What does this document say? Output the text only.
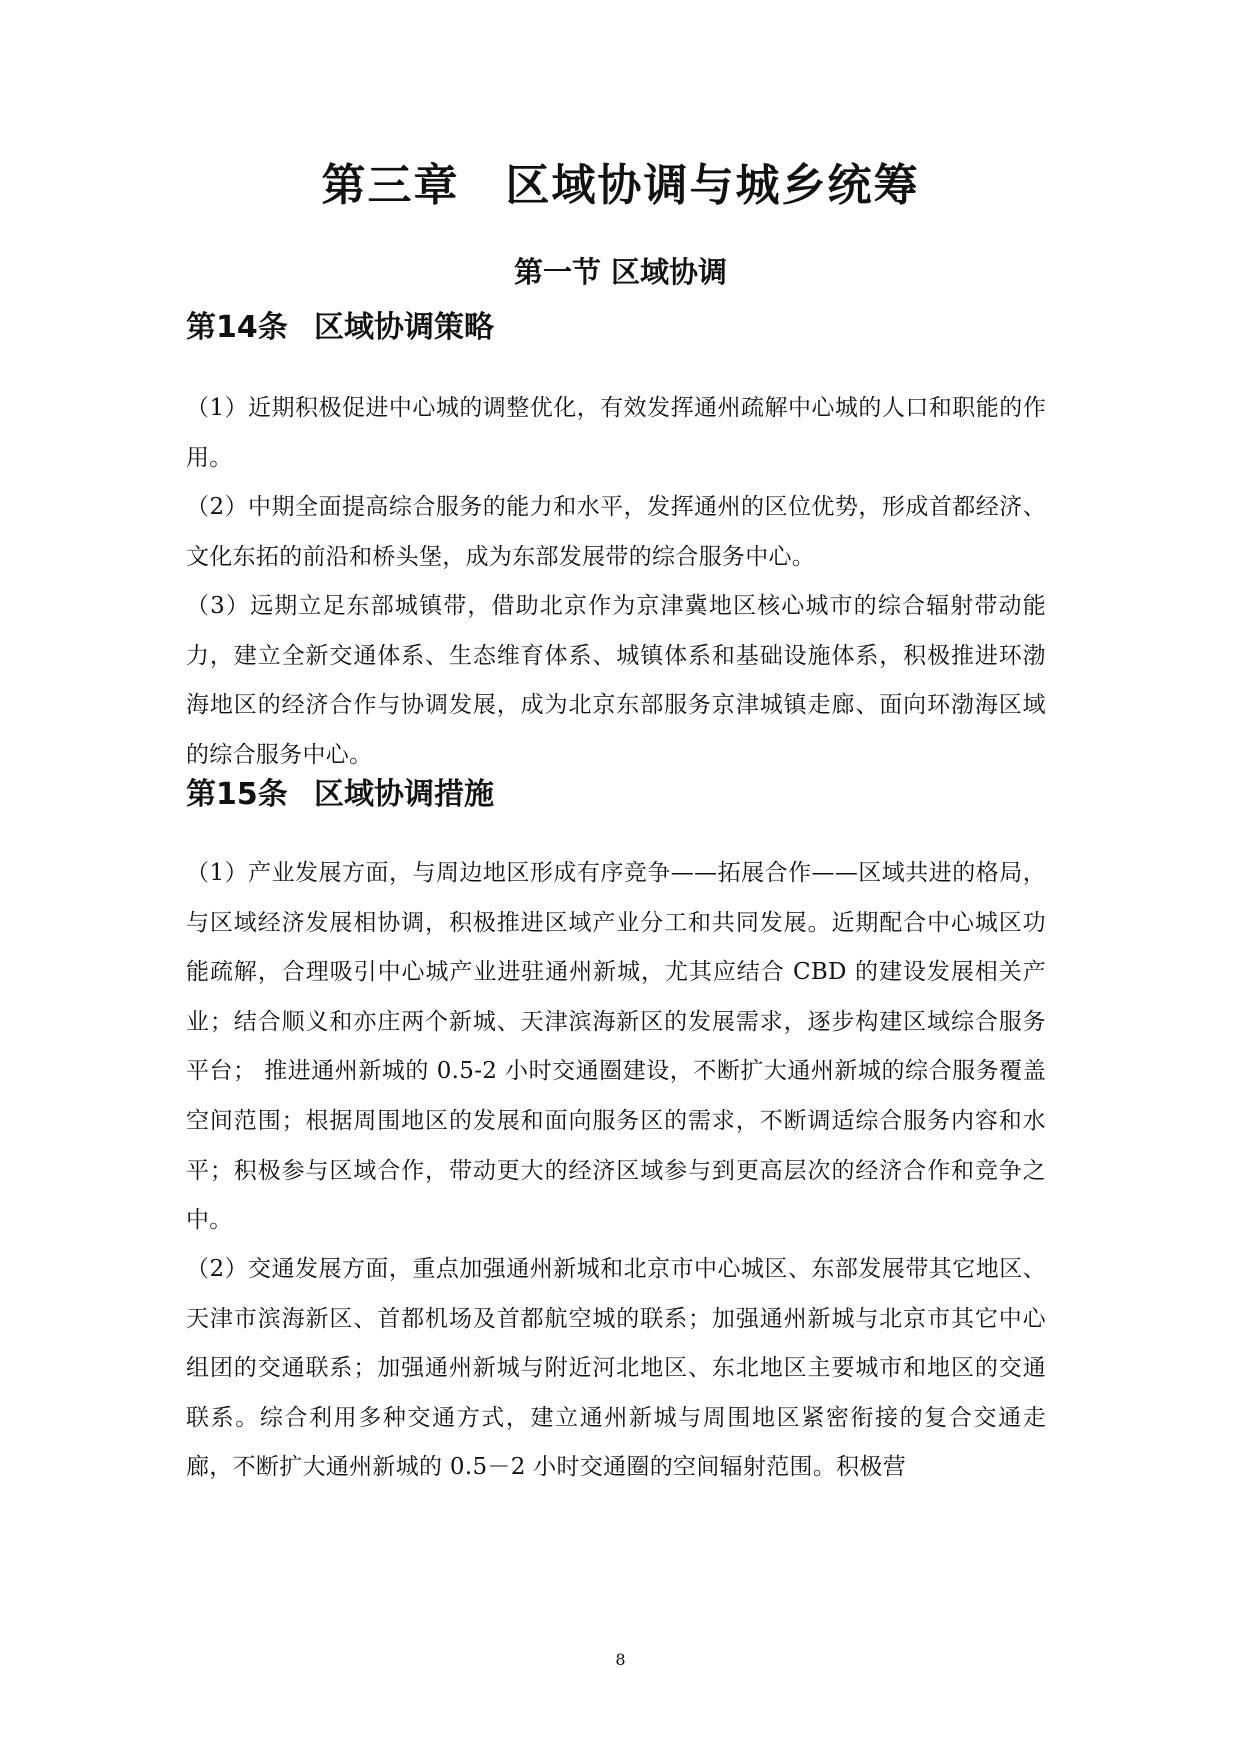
第三章　区域协调与城乡统筹
第一节 区域协调
第14条 区域协调策略

（1）近期积极促进中心城的调整优化，有效发挥通州疏解中心城的人口和职能的作用。

（2）中期全面提高综合服务的能力和水平，发挥通州的区位优势，形成首都经济、文化东拓的前沿和桥头堡，成为东部发展带的综合服务中心。

（3）远期立足东部城镇带，借助北京作为京津冀地区核心城市的综合辐射带动能力，建立全新交通体系、生态维育体系、城镇体系和基础设施体系，积极推进环渤海地区的经济合作与协调发展，成为北京东部服务京津城镇走廊、面向环渤海区域的综合服务中心。

第15条 区域协调措施

（1）产业发展方面，与周边地区形成有序竞争——拓展合作——区域共进的格局，与区域经济发展相协调，积极推进区域产业分工和共同发展。近期配合中心城区功能疏解，合理吸引中心城产业进驻通州新城，尤其应结合 CBD 的建设发展相关产业；结合顺义和亦庄两个新城、天津滨海新区的发展需求，逐步构建区域综合服务平台； 推进通州新城的 0.5-2 小时交通圈建设，不断扩大通州新城的综合服务覆盖空间范围；根据周围地区的发展和面向服务区的需求，不断调适综合服务内容和水平；积极参与区域合作，带动更大的经济区域参与到更高层次的经济合作和竞争之中。

（2）交通发展方面，重点加强通州新城和北京市中心城区、东部发展带其它地区、天津市滨海新区、首都机场及首都航空城的联系；加强通州新城与北京市其它中心组团的交通联系；加强通州新城与附近河北地区、东北地区主要城市和地区的交通联系。综合利用多种交通方式，建立通州新城与周围地区紧密衔接的复合交通走廊，不断扩大通州新城的 0.5－2 小时交通圈的空间辐射范围。积极营

8
